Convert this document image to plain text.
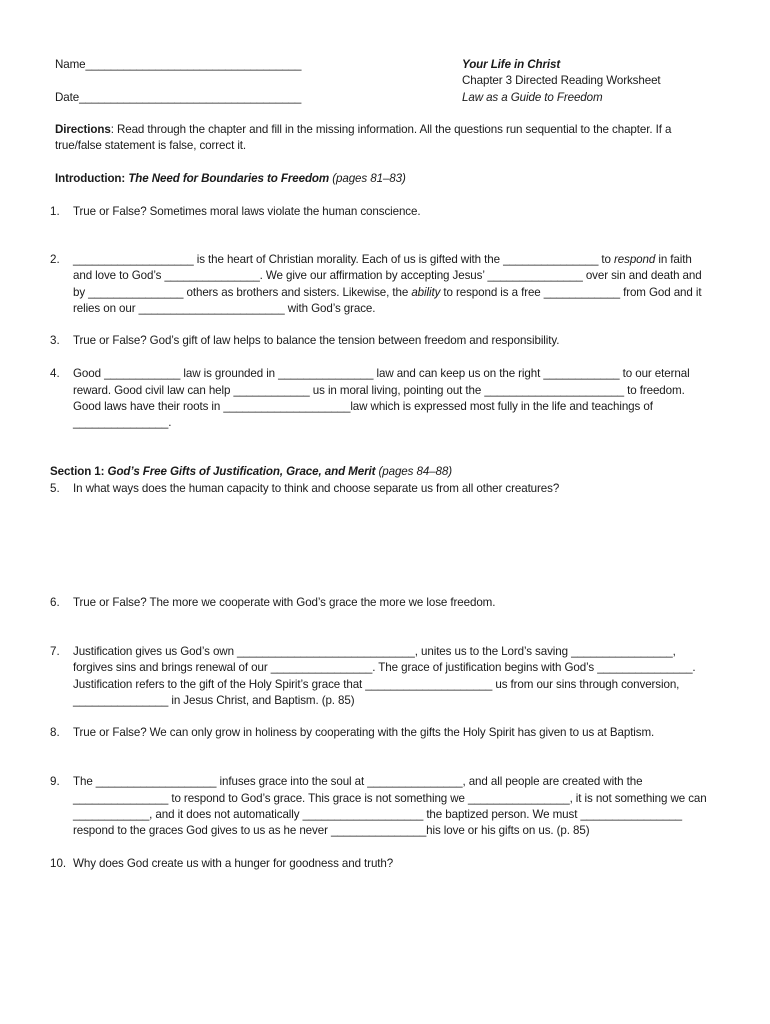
Name__________________________________
Date___________________________________
Your Life in Christ
Chapter 3 Directed Reading Worksheet
Law as a Guide to Freedom
Directions: Read through the chapter and fill in the missing information. All the questions run sequential to the chapter. If a
true/false statement is false, correct it.
Introduction: The Need for Boundaries to Freedom (pages 81–83)
1. True or False? Sometimes moral laws violate the human conscience.
2. ___________________ is the heart of Christian morality. Each of us is gifted with the _______________ to respond in faith
and love to God’s _______________. We give our affirmation by accepting Jesus’ _______________ over sin and death and
by _______________ others as brothers and sisters. Likewise, the ability to respond is a free ____________ from God and it
relies on our _______________________ with God’s grace.
3. True or False? God’s gift of law helps to balance the tension between freedom and responsibility.
4. Good ____________ law is grounded in _______________ law and can keep us on the right ____________ to our eternal
reward. Good civil law can help ____________ us in moral living, pointing out the ______________________ to freedom.
Good laws have their roots in ____________________law which is expressed most fully in the life and teachings of
_______________.
Section 1: God’s Free Gifts of Justification, Grace, and Merit (pages 84–88)
5. In what ways does the human capacity to think and choose separate us from all other creatures?
6. True or False? The more we cooperate with God’s grace the more we lose freedom.
7. Justification gives us God’s own ____________________________, unites us to the Lord’s saving ________________,
forgives sins and brings renewal of our ________________. The grace of justification begins with God’s _______________.
Justification refers to the gift of the Holy Spirit’s grace that ____________________ us from our sins through conversion,
_______________ in Jesus Christ, and Baptism. (p. 85)
8. True or False? We can only grow in holiness by cooperating with the gifts the Holy Spirit has given to us at Baptism.
9. The ___________________ infuses grace into the soul at _______________, and all people are created with the
_______________ to respond to God’s grace. This grace is not something we ________________, it is not something we can
____________, and it does not automatically ___________________ the baptized person. We must ________________
respond to the graces God gives to us as he never _______________his love or his gifts on us. (p. 85)
10. Why does God create us with a hunger for goodness and truth?
